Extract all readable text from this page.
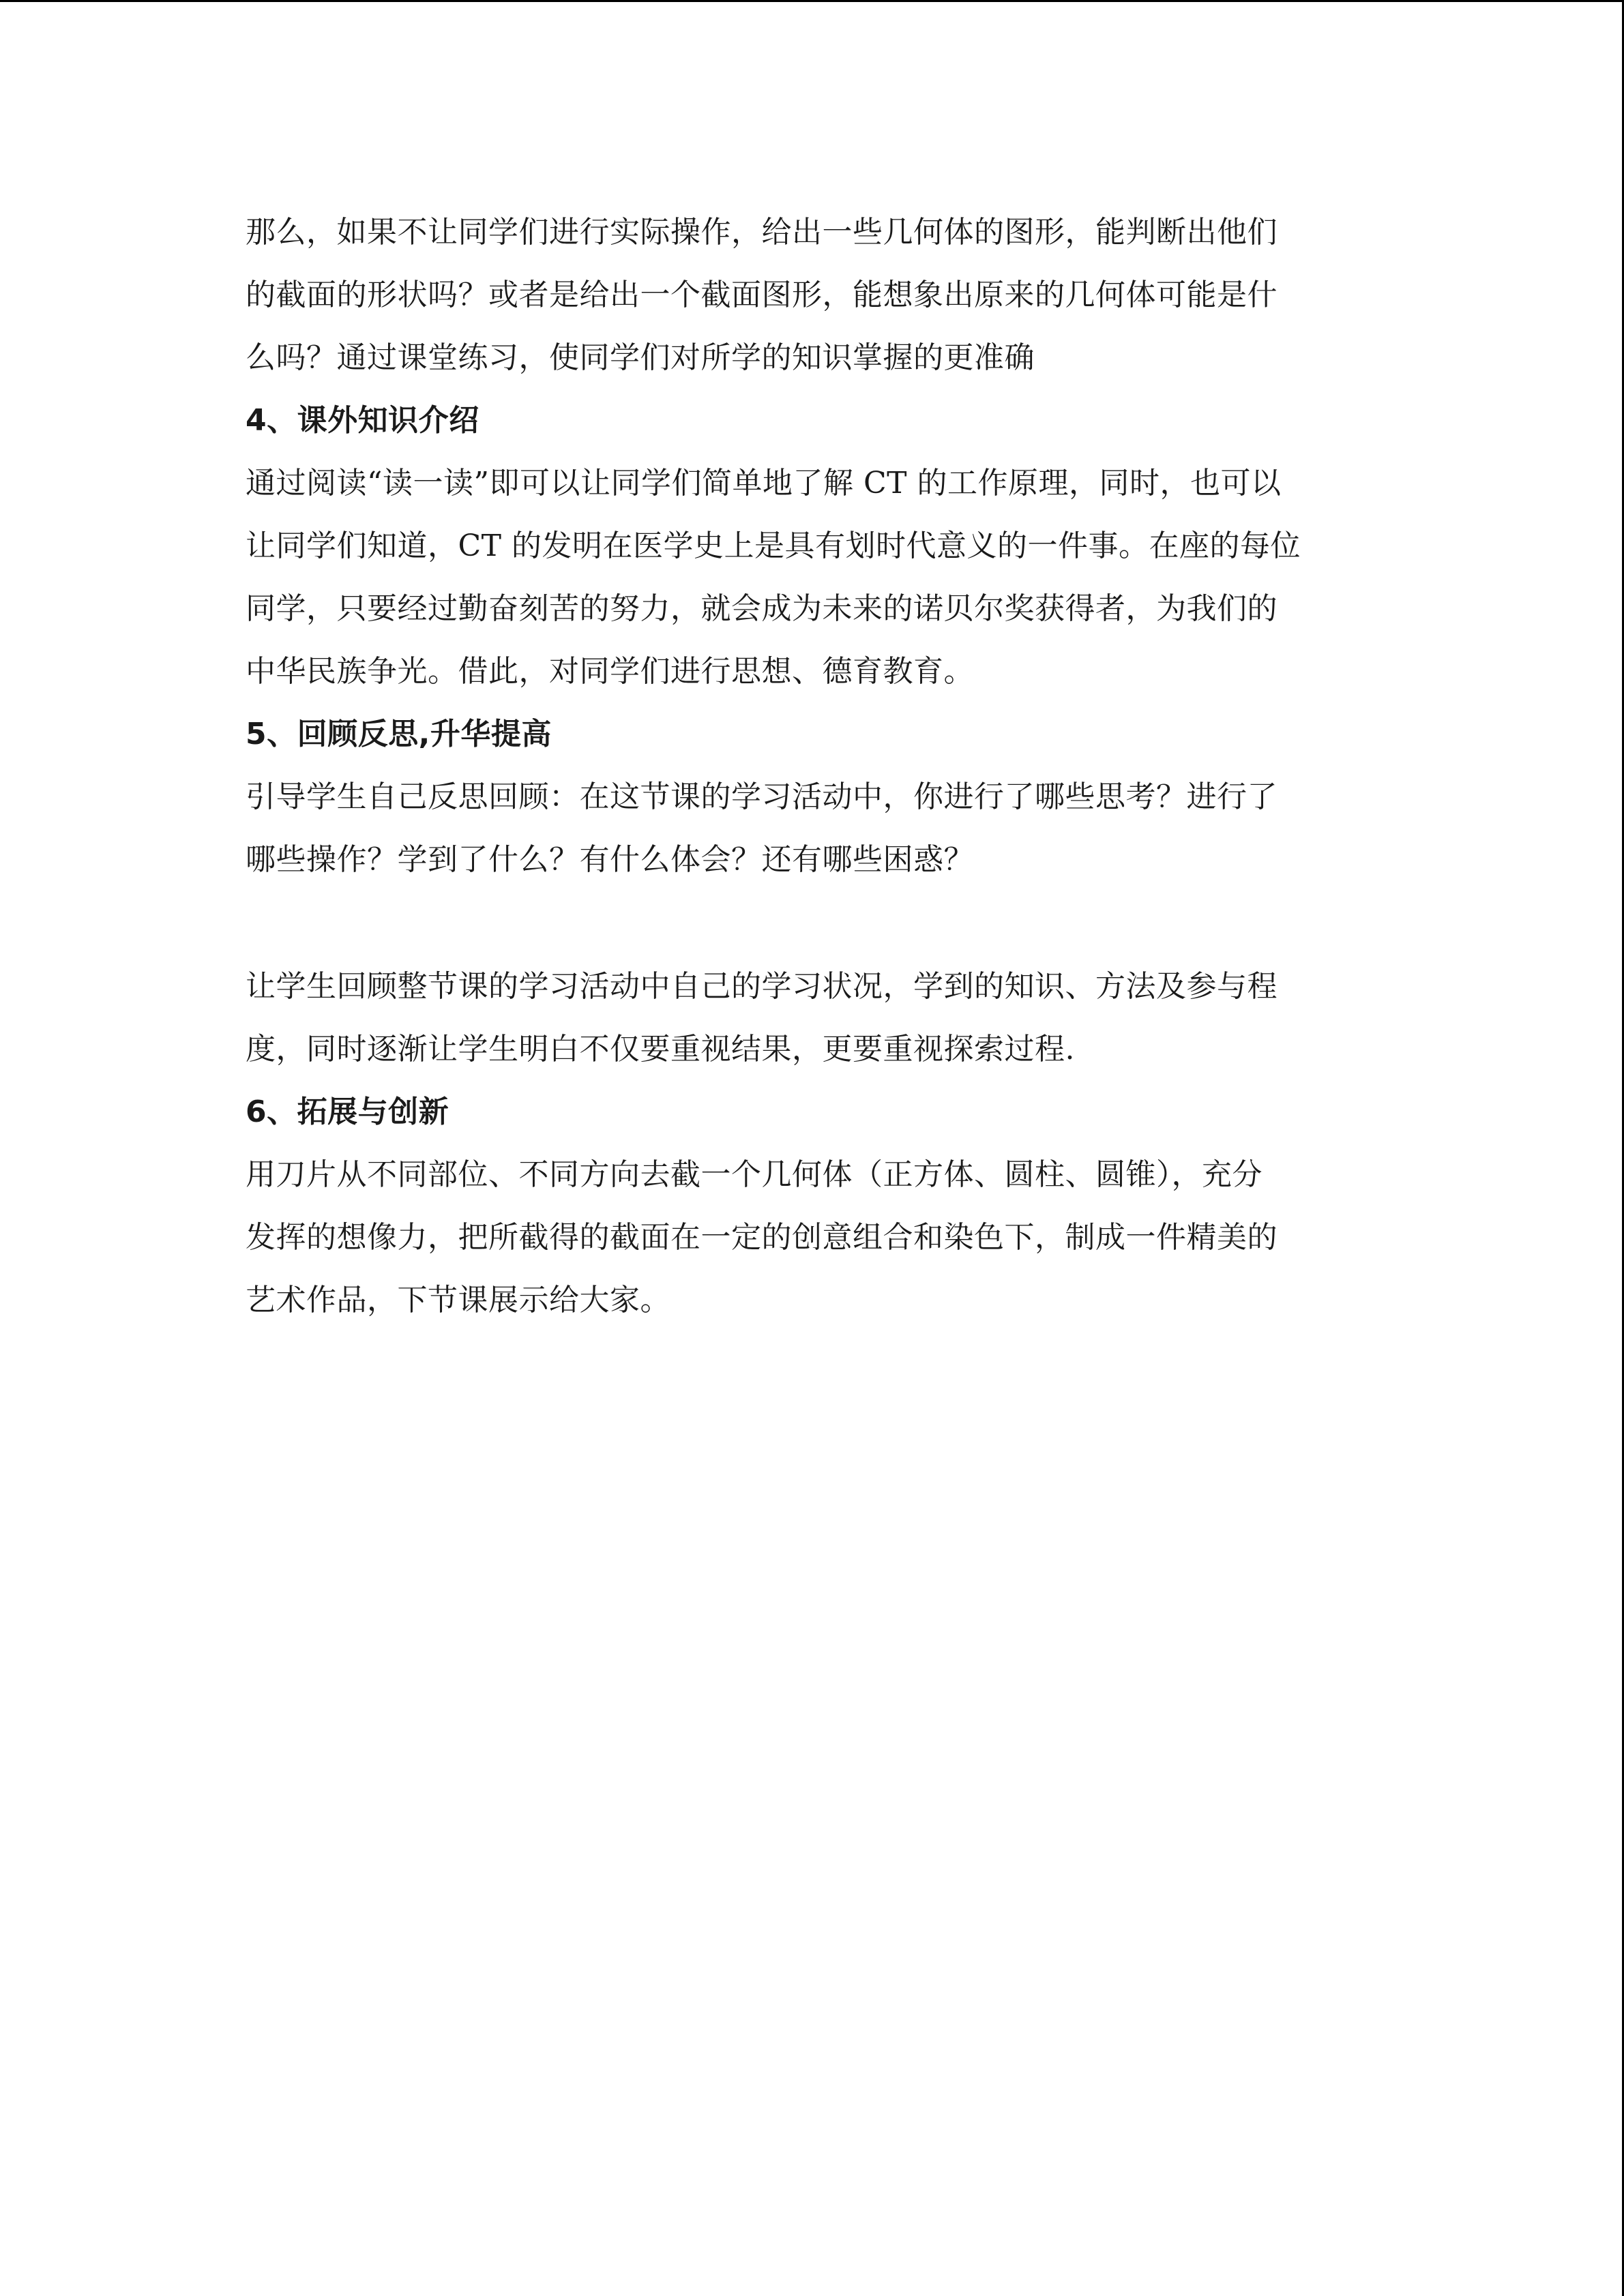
那么，如果不让同学们进行实际操作，给出一些几何体的图形，能判断出他们
的截面的形状吗？或者是给出一个截面图形，能想象出原来的几何体可能是什
么吗？通过课堂练习，使同学们对所学的知识掌握的更准确
4、课外知识介绍
通过阅读“读一读”即可以让同学们简单地了解 CT 的工作原理，同时，也可以
让同学们知道，CT 的发明在医学史上是具有划时代意义的一件事。在座的每位
同学，只要经过勤奋刻苦的努力，就会成为未来的诺贝尔奖获得者，为我们的
中华民族争光。借此，对同学们进行思想、德育教育。
5、回顾反思,升华提高
引导学生自己反思回顾：在这节课的学习活动中，你进行了哪些思考？进行了
哪些操作？学到了什么？有什么体会？还有哪些困惑？
让学生回顾整节课的学习活动中自己的学习状况，学到的知识、方法及参与程
度，同时逐渐让学生明白不仅要重视结果，更要重视探索过程.
6、拓展与创新
用刀片从不同部位、不同方向去截一个几何体（正方体、圆柱、圆锥），充分
发挥的想像力，把所截得的截面在一定的创意组合和染色下，制成一件精美的
艺术作品，下节课展示给大家。
